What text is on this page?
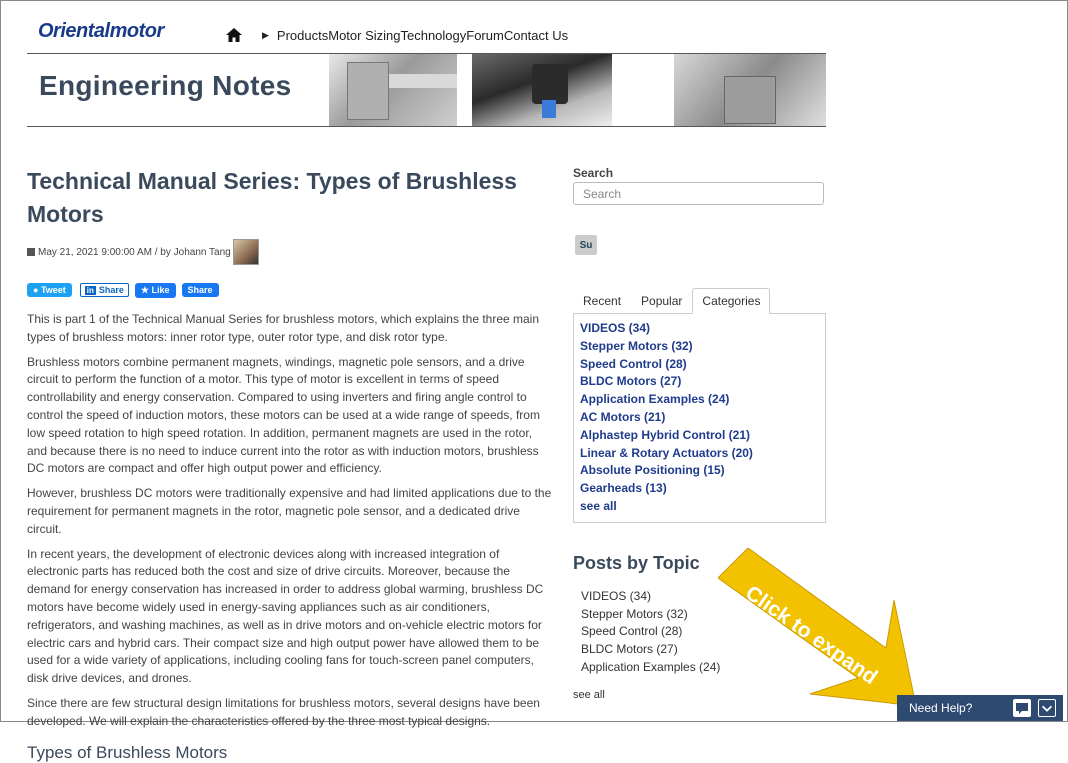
Orientalmotor	▶ Products Motor Sizing Technology Forum Contact Us
Engineering Notes
Technical Manual Series: Types of Brushless Motors
May 21, 2021 9:00:00 AM / by
Johann Tang
● Tweet	in Share	★ Like	Share

This is part 1 of the Technical Manual Series for brushless motors, which explains the three main types of brushless motors: inner rotor type, outer rotor type, and disk rotor type.

Brushless motors combine permanent magnets, windings, magnetic pole sensors, and a drive circuit to perform the function of a motor. This type of motor is excellent in terms of speed controllability and energy conservation. Compared to using inverters and firing angle control to control the speed of induction motors, these motors can be used at a wide range of speeds, from low speed rotation to high speed rotation. In addition, permanent magnets are used in the rotor, and because there is no need to induce current into the rotor as with induction motors, brushless DC motors are compact and offer high output power and efficiency.

However, brushless DC motors were traditionally expensive and had limited applications due to the requirement for permanent magnets in the rotor, magnetic pole sensor, and a dedicated drive circuit.

In recent years, the development of electronic devices along with increased integration of electronic parts has reduced both the cost and size of drive circuits. Moreover, because the demand for energy conservation has increased in order to address global warming, brushless DC motors have become widely used in energy-saving appliances such as air conditioners, refrigerators, and washing machines, as well as in drive motors and on-vehicle electric motors for electric cars and hybrid cars. Their compact size and high output power have allowed them to be used for a wide variety of applications, including cooling fans for touch-screen panel computers, disk drive devices, and drones.

Since there are few structural design limitations for brushless motors, several designs have been developed. We will explain the characteristics offered by the three most typical designs.

Types of Brushless Motors
Search
Search
Su
Recent	Popular	Categories
VIDEOS (34)
Stepper Motors (32)
Speed Control (28)
BLDC Motors (27)
Application Examples (24)
AC Motors (21)
Alphastep Hybrid Control (21)
Linear & Rotary Actuators (20)
Absolute Positioning (15)
Gearheads (13)
see all
Posts by Topic
VIDEOS (34)
Stepper Motors (32)
Speed Control (28)
BLDC Motors (27)
Application Examples (24)
see all
Click to expand
Need Help?
